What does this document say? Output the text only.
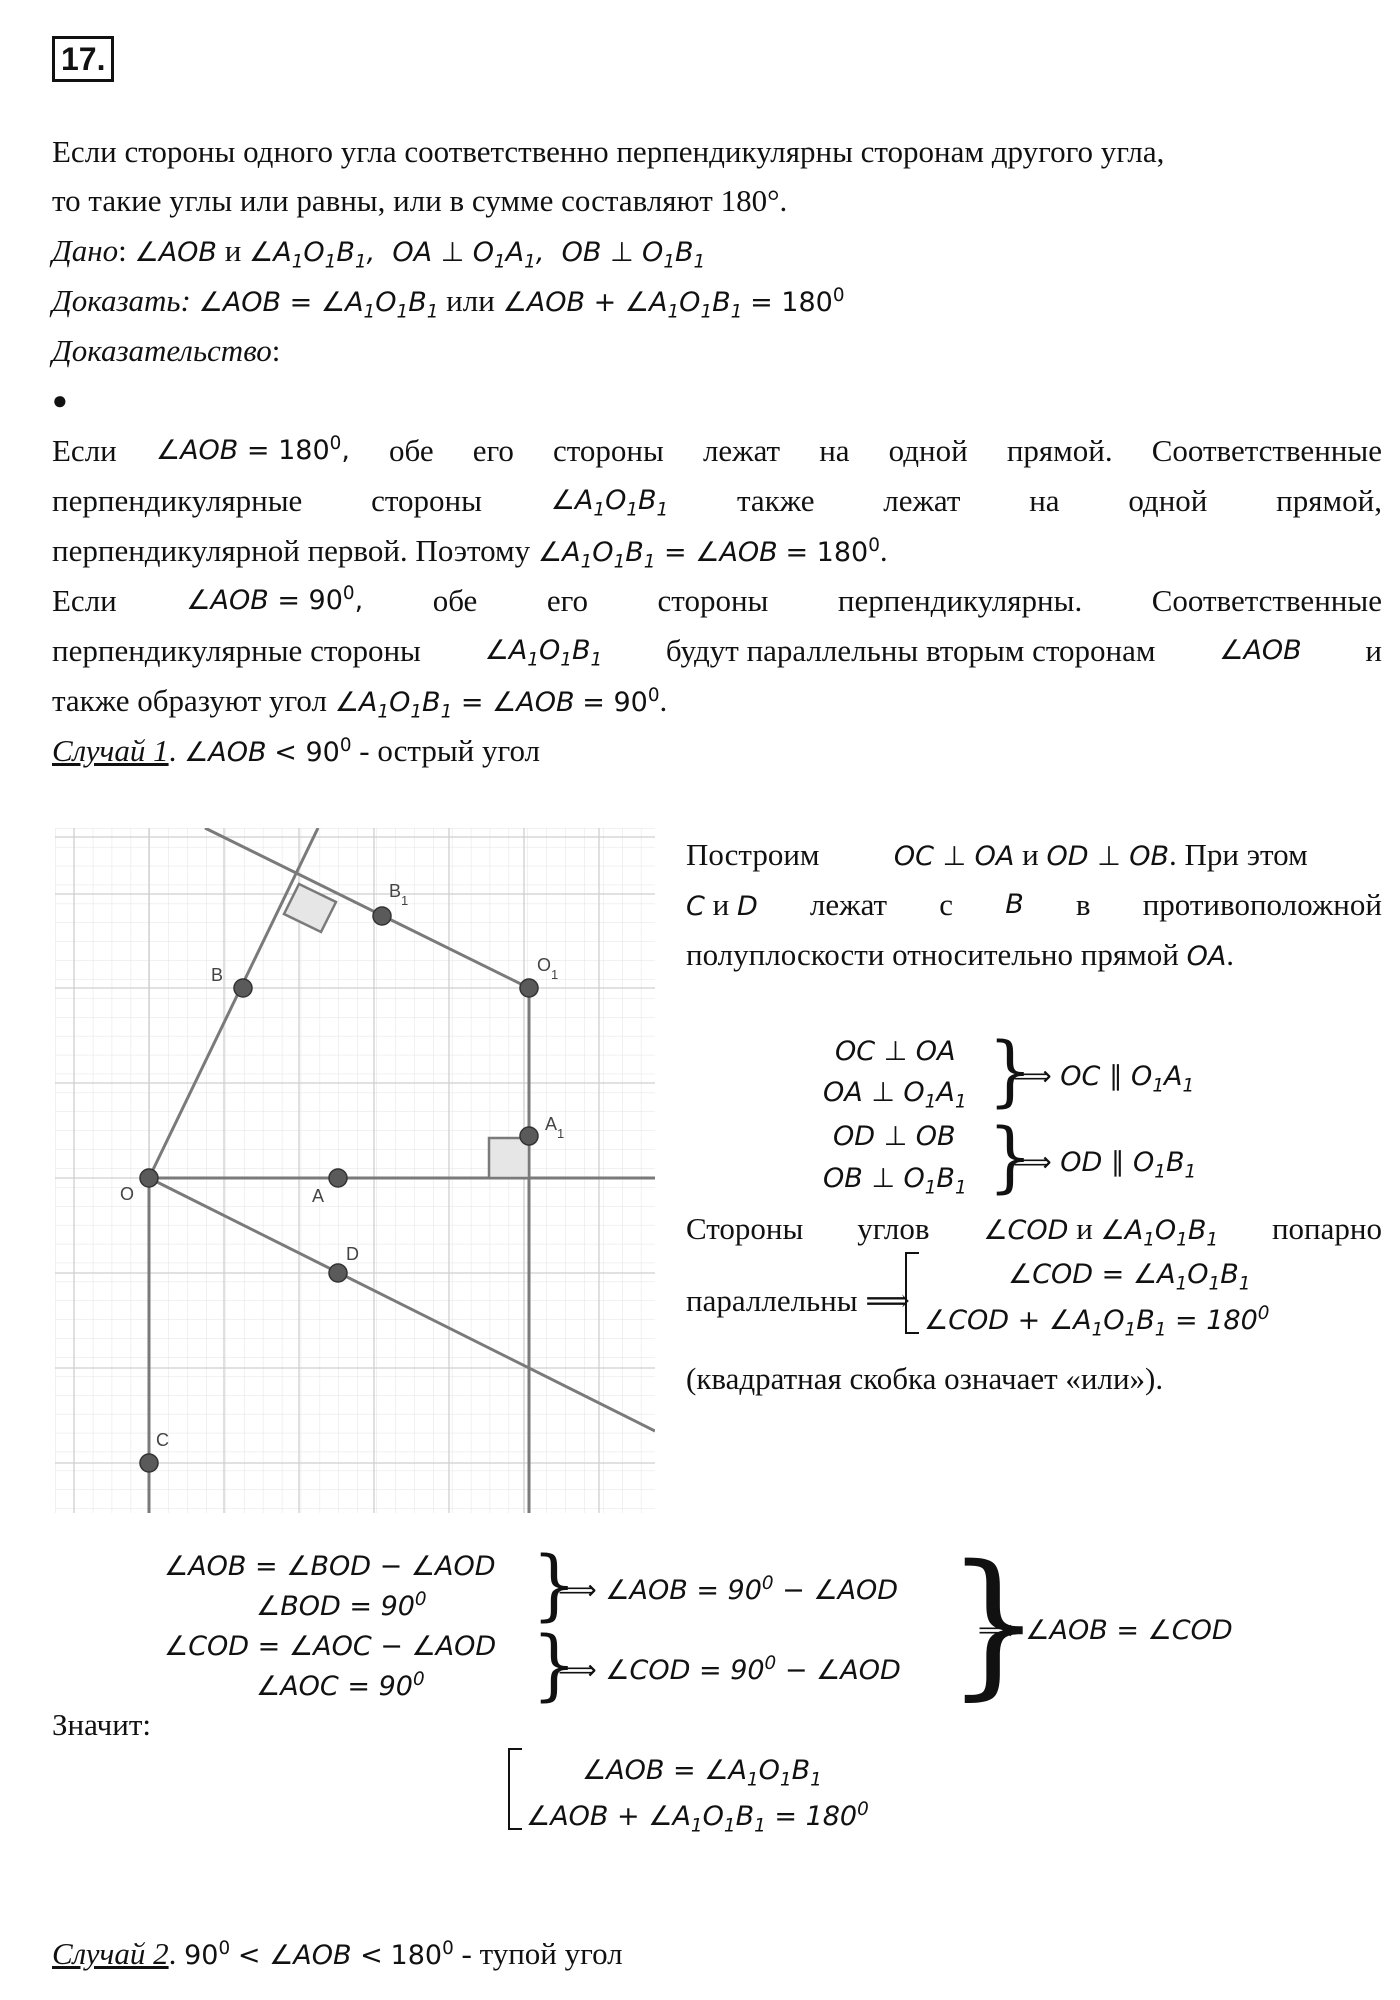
17.
Если стороны одного угла соответственно перпендикулярны сторонам другого угла,
то такие углы или равны, или в сумме составляют 180°.
Дано: ∠AOB и $\angle A_1O_1B_1$,  OA ⊥ $O_1A_1$,  OB ⊥ $O_1B_1$
Доказать: ∠AOB = $\angle A_1O_1B_1$ или ∠AOB + $\angle A_1O_1B_1 = 180^0$
Доказательство:
●
Если ∠AOB = $180^0$, обе его стороны лежат на одной прямой. Соответственные
перпендикулярные стороны	$\angle A_1O_1B_1$ также лежат на одной прямой,
перпендикулярной первой. Поэтому $\angle A_1O_1B_1$ = ∠AOB = $180^0$.
Если	∠AOB = $90^0$, обе его стороны перпендикулярны. Соответственные
перпендикулярные стороны $\angle A_1O_1B_1$ будут параллельны вторым сторонам ∠AOB и
также образуют угол $\angle A_1O_1B_1$ = ∠AOB = $90^0$.
Случай 1. ∠AOB < $90^0$ - острый угол
O	A
B
$B_1$
$O_1$
$A_1$
D
C
Построим	OC ⊥ OA и OD ⊥ OB. При этом
C и D лежат с B в противоположной
полуплоскости относительно прямой OA.
OC ⊥ OA
OA ⊥ $O_1A_1$ }
⟹ OC ∥ $O_1A_1$
OD ⊥ OB
OB ⊥ $O_1B_1$ }
⟹ OD ∥ $O_1B_1$
Стороны углов ∠COD и $\angle A_1O_1B_1$ попарно
параллельны ⟹
∠COD = $\angle A_1O_1B_1$
∠COD + $\angle A_1O_1B_1 = 180^0$
(квадратная скобка означает «или»).
∠AOB = ∠BOD − ∠AOD
∠BOD = $90^0$ }
⟹ ∠AOB = $90^0$ − ∠AOD
∠COD = ∠AOC − ∠AOD
∠AOC = $90^0$ }
⟹ ∠COD = $90^0$ − ∠AOD }
⟹ ∠AOB = ∠COD
Значит:
∠AOB = $\angle A_1O_1B_1$
∠AOB + $\angle A_1O_1B_1 = 180^0$
Случай 2. $90^0$ < ∠AOB < $180^0$ - тупой угол
